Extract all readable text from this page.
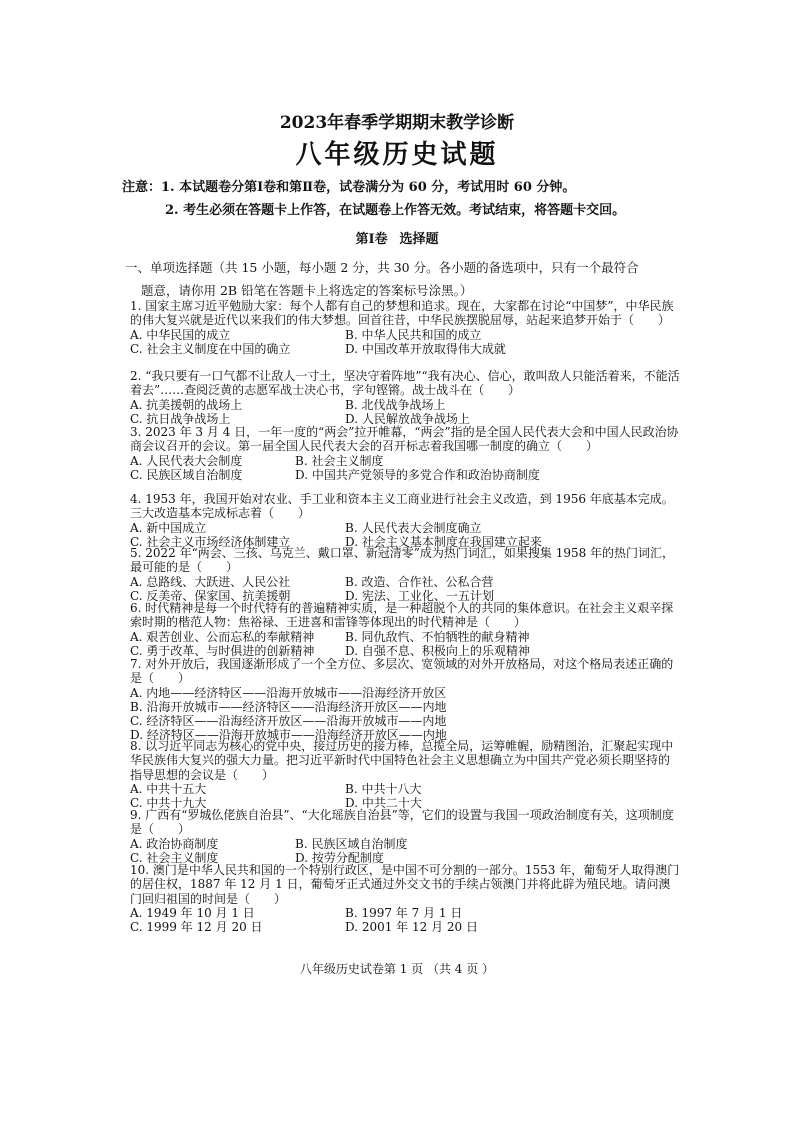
2023年春季学期期末教学诊断
八年级历史试题
注意：1. 本试题卷分第Ⅰ卷和第Ⅱ卷，试卷满分为 60 分，考试用时 60 分钟。
2. 考生必须在答题卡上作答，在试题卷上作答无效。考试结束，将答题卡交回。
第Ⅰ卷 选择题
一、单项选择题（共 15 小题，每小题 2 分，共 30 分。各小题的备选项中，只有一个最符合
题意，请你用 2B 铅笔在答题卡上将选定的答案标号涂黑。）

1. 国家主席习近平勉励大家：每个人都有自己的梦想和追求。现在，大家都在讨论“中国梦”，中华民族的伟大复兴就是近代以来我们的伟大梦想。回首往昔，中华民族摆脱屈辱，站起来追梦开始于（　　）

A. 中华民国的成立	B. 中华人民共和国的成立
C. 社会主义制度在中国的确立	D. 中国改革开放取得伟大成就

2. “我只要有一口气都不让敌人一寸土，坚决守着阵地”“我有决心、信心，敢叫敌人只能活着来，不能活着去”……查阅泛黄的志愿军战士决心书，字句铿锵。战士战斗在（　　）

A. 抗美援朝的战场上	B. 北伐战争战场上
C. 抗日战争战场上	D. 人民解放战争战场上

3. 2023 年 3 月 4 日，一年一度的“两会”拉开帷幕，“两会”指的是全国人民代表大会和中国人民政治协商会议召开的会议。第一届全国人民代表大会的召开标志着我国哪一制度的确立（　　）

A. 人民代表大会制度	B. 社会主义制度
C. 民族区域自治制度	D. 中国共产党领导的多党合作和政治协商制度

4. 1953 年，我国开始对农业、手工业和资本主义工商业进行社会主义改造，到 1956 年底基本完成。三大改造基本完成标志着（　　）

A. 新中国成立	B. 人民代表大会制度确立
C. 社会主义市场经济体制建立	D. 社会主义基本制度在我国建立起来

5. 2022 年“两会、三孩、乌克兰、戴口罩、新冠清零”成为热门词汇，如果搜集 1958 年的热门词汇，最可能的是（　　）

A. 总路线、大跃进、人民公社	B. 改造、合作社、公私合营
C. 反美帝、保家国、抗美援朝	D. 宪法、工业化、一五计划

6. 时代精神是每一个时代特有的普遍精神实质，是一种超脱个人的共同的集体意识。在社会主义艰辛探索时期的楷范人物：焦裕禄、王进喜和雷锋等体现出的时代精神是（　　）

A. 艰苦创业、公而忘私的奉献精神	B. 同仇敌忾、不怕牺牲的献身精神
C. 勇于改革、与时俱进的创新精神	D. 自强不息、积极向上的乐观精神

7. 对外开放后，我国逐渐形成了一个全方位、多层次、宽领域的对外开放格局，对这个格局表述正确的是（　　）

A. 内地——经济特区——沿海开放城市——沿海经济开放区
B. 沿海开放城市——经济特区——沿海经济开放区——内地
C. 经济特区——沿海经济开放区——沿海开放城市——内地
D. 经济特区——沿海开放城市——沿海经济开放区——内地

8. 以习近平同志为核心的党中央，接过历史的接力棒，总揽全局，运筹帷幄，励精图治，汇聚起实现中华民族伟大复兴的强大力量。把习近平新时代中国特色社会主义思想确立为中国共产党必须长期坚持的指导思想的会议是（　　）

A. 中共十五大	B. 中共十八大
C. 中共十九大	D. 中共二十大

9. 广西有“罗城仫佬族自治县”、“大化瑶族自治县”等，它们的设置与我国一项政治制度有关，这项制度是（　　）

A. 政治协商制度	B. 民族区域自治制度
C. 社会主义制度	D. 按劳分配制度

10. 澳门是中华人民共和国的一个特别行政区，是中国不可分割的一部分。1553 年，葡萄牙人取得澳门的居住权，1887 年 12 月 1 日，葡萄牙正式通过外交文书的手续占领澳门并将此辟为殖民地。请问澳门回归祖国的时间是（　　）

A. 1949 年 10 月 1 日	B. 1997 年 7 月 1 日
C. 1999 年 12 月 20 日	D. 2001 年 12 月 20 日
八年级历史试卷第 1 页 （共 4 页 ）
